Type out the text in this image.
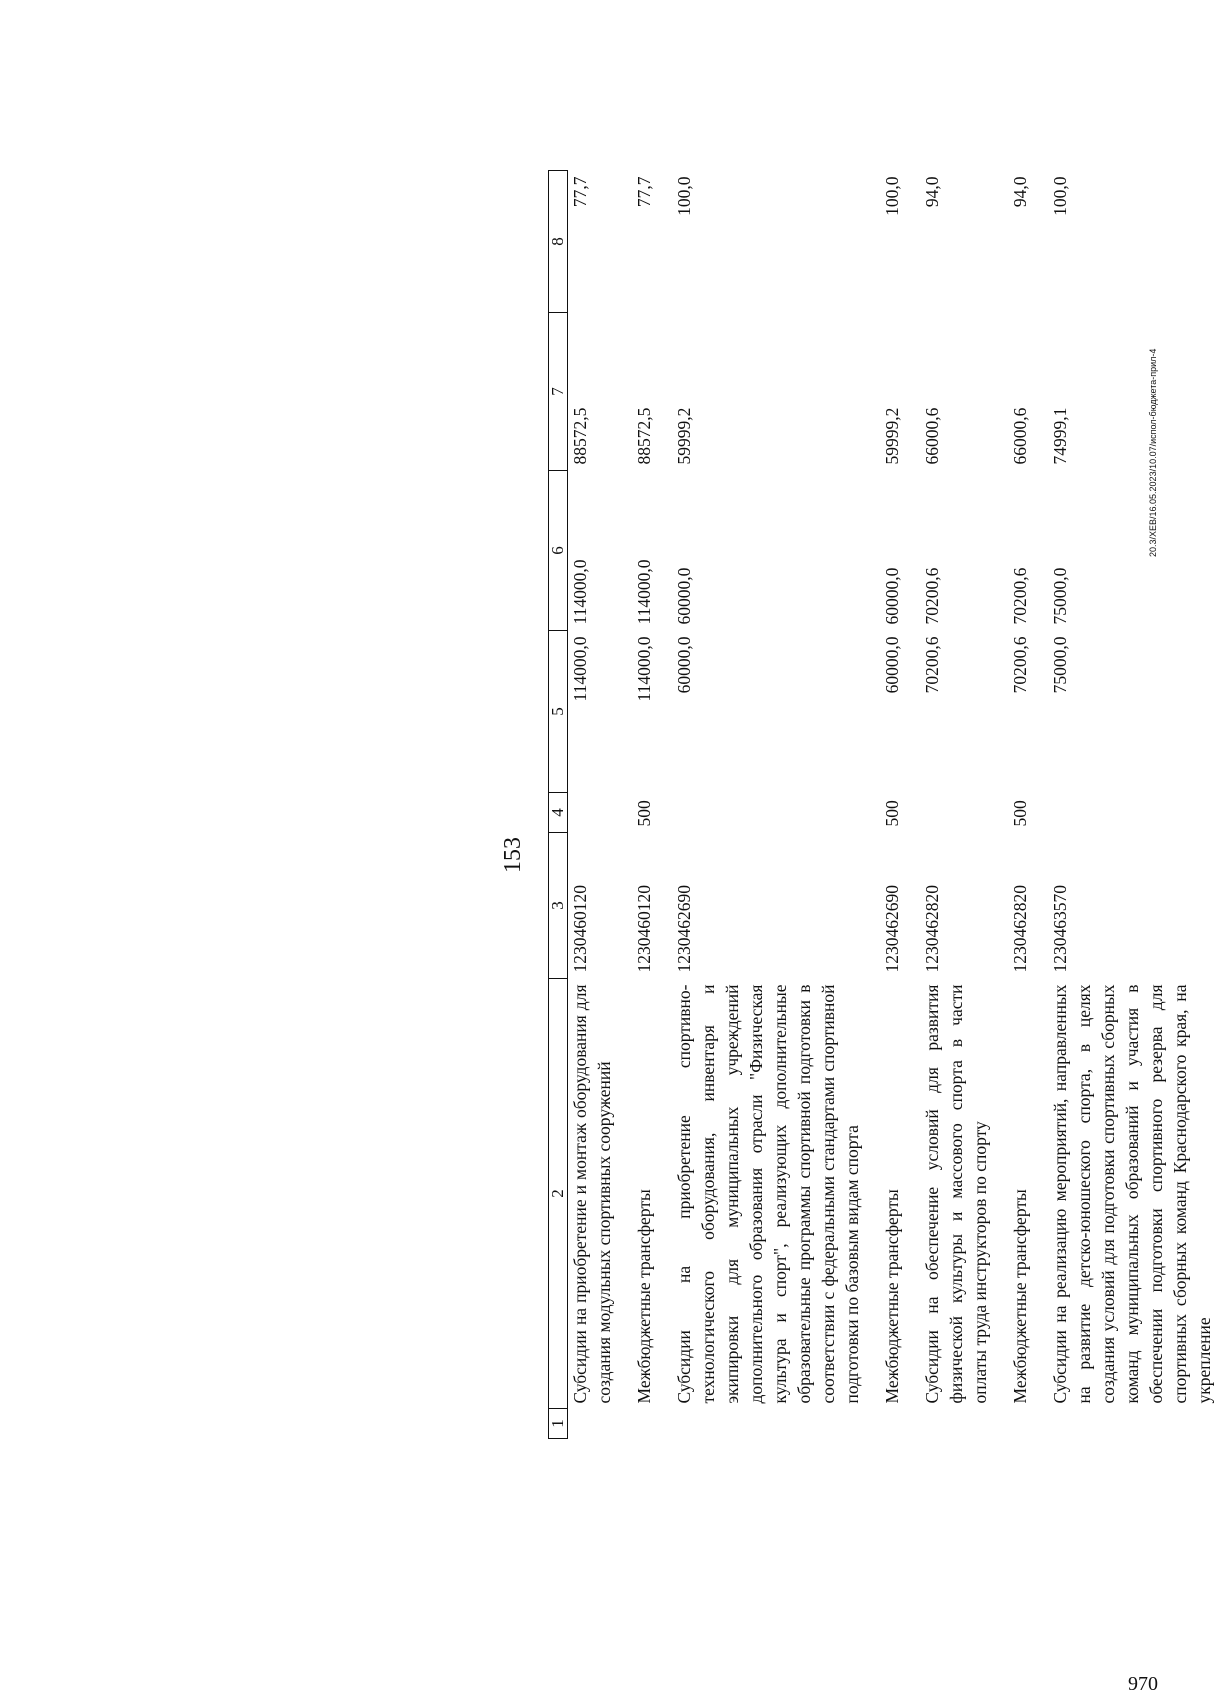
153
1	2	3	4	5	6	7	8
	Субсидии на приобретение и монтаж оборудования для создания модульных спортивных сооружений	1230460120		114000,0	114000,0	88572,5	77,7
	Межбюджетные трансферты	1230460120	500	114000,0	114000,0	88572,5	77,7
	Субсидии на приобретение спортивно-технологического оборудования, инвентаря и экипировки для муниципальных учреждений дополнительного образования отрасли "Физическая культура и спорт", реализующих дополнительные образовательные программы спортивной подготовки в соответствии с федеральными стандартами спортивной подготовки по базовым видам спорта	1230462690		60000,0	60000,0	59999,2	100,0
	Межбюджетные трансферты	1230462690	500	60000,0	60000,0	59999,2	100,0
	Субсидии на обеспечение условий для развития физической культуры и массового спорта в части оплаты труда инструкторов по спорту	1230462820		70200,6	70200,6	66000,6	94,0
	Межбюджетные трансферты	1230462820	500	70200,6	70200,6	66000,6	94,0
	Субсидии на реализацию мероприятий, направленных на развитие детско-юношеского спорта, в целях создания условий для подготовки спортивных сборных команд муниципальных образований и участия в обеспечении подготовки спортивного резерва для спортивных сборных команд Краснодарского края, на укрепление	1230463570		75000,0	75000,0	74999,1	100,0
20.3/XEB/16.05.2023/10.07/испол-бюджета-прил-4
970
